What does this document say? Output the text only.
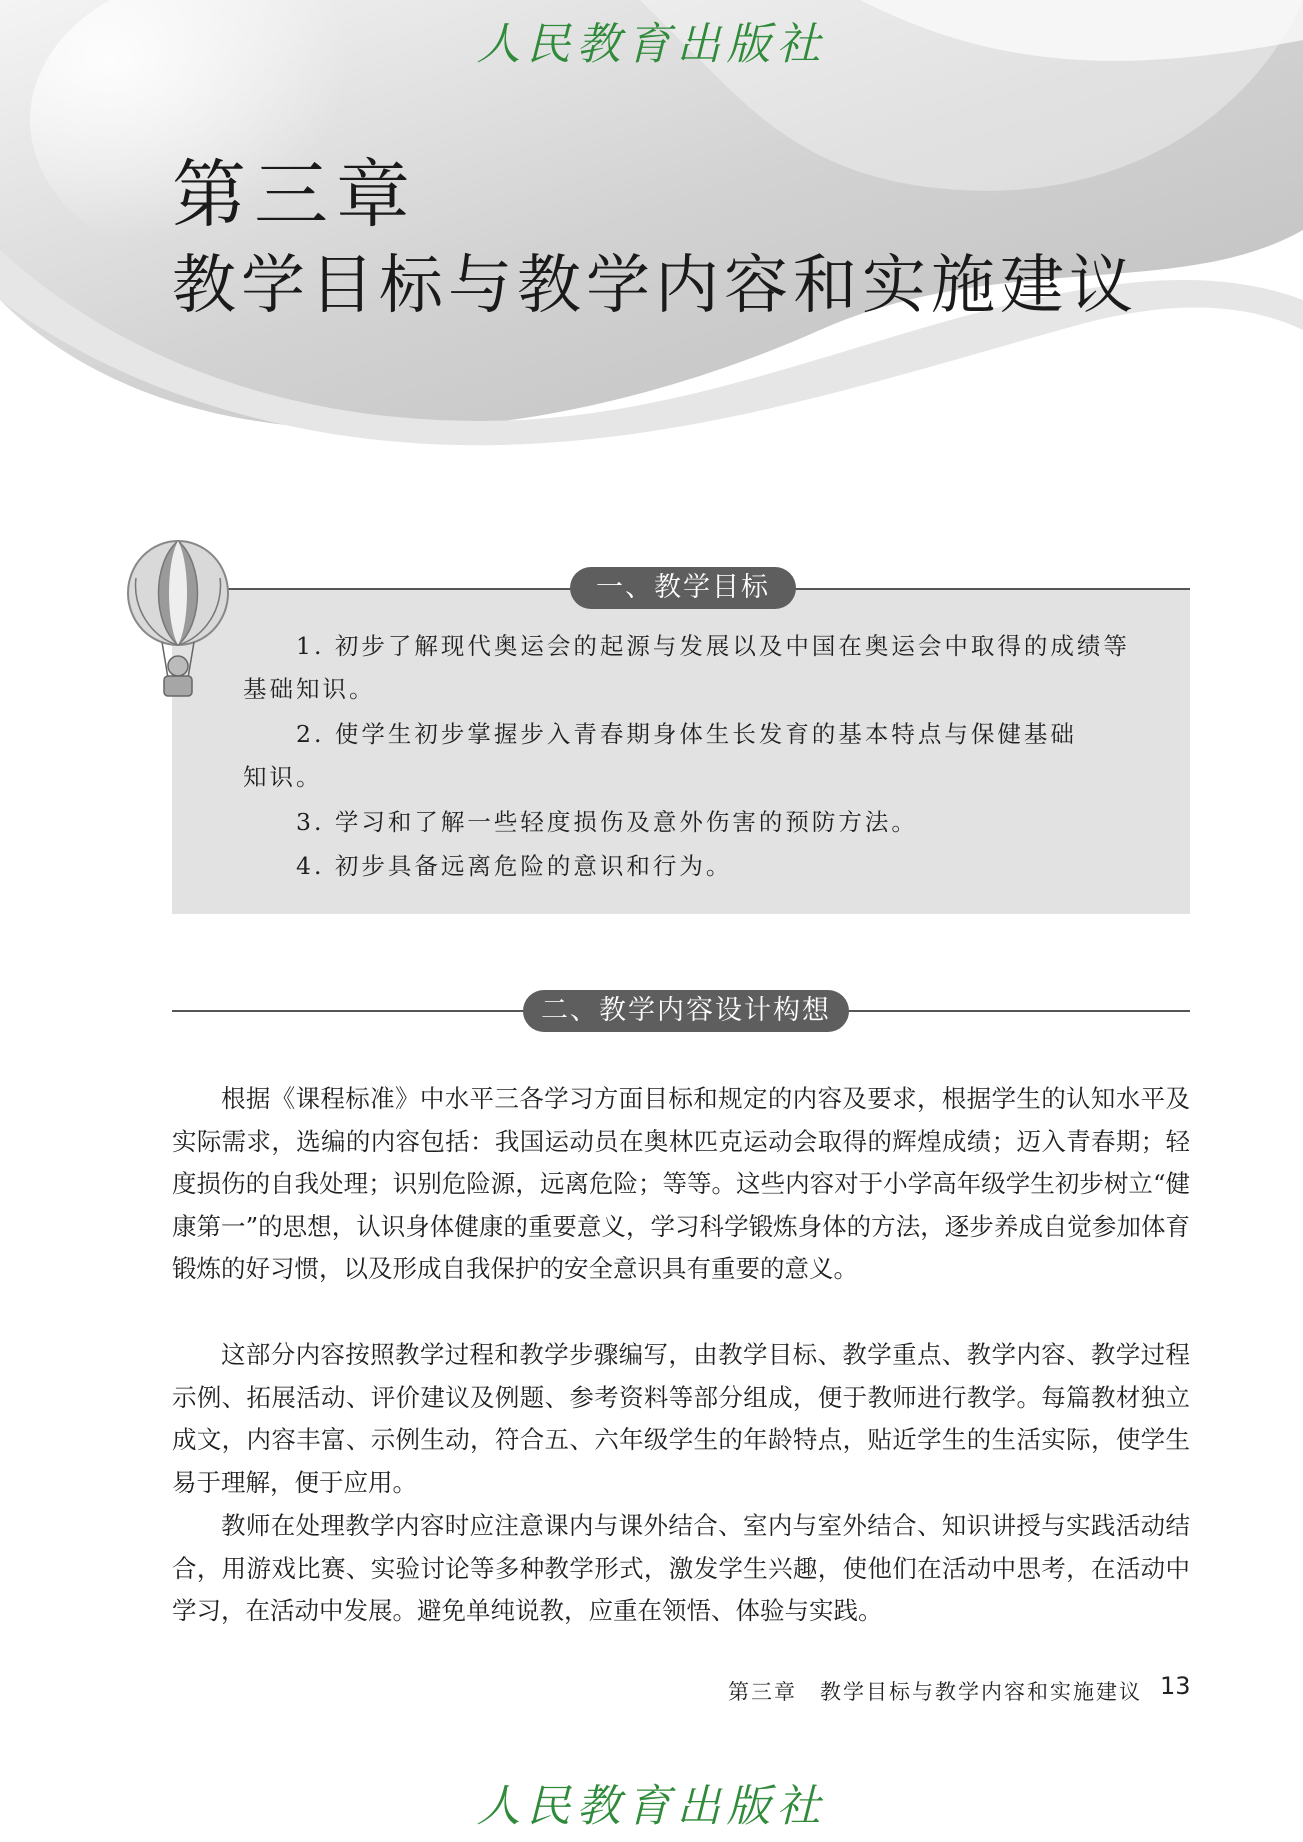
人民教育出版社
第三章
教学目标与教学内容和实施建议
一、教学目标
1. 初步了解现代奥运会的起源与发展以及中国在奥运会中取得的成绩等
基础知识。
2. 使学生初步掌握步入青春期身体生长发育的基本特点与保健基础
知识。
3. 学习和了解一些轻度损伤及意外伤害的预防方法。
4. 初步具备远离危险的意识和行为。
二、教学内容设计构想

根据《课程标准》中水平三各学习方面目标和规定的内容及要求，根据学生的认知水平及实际需求，选编的内容包括：我国运动员在奥林匹克运动会取得的辉煌成绩；迈入青春期；轻度损伤的自我处理；识别危险源，远离危险；等等。这些内容对于小学高年级学生初步树立“健康第一”的思想，认识身体健康的重要意义，学习科学锻炼身体的方法，逐步养成自觉参加体育锻炼的好习惯，以及形成自我保护的安全意识具有重要的意义。

这部分内容按照教学过程和教学步骤编写，由教学目标、教学重点、教学内容、教学过程示例、拓展活动、评价建议及例题、参考资料等部分组成，便于教师进行教学。每篇教材独立成文，内容丰富、示例生动，符合五、六年级学生的年龄特点，贴近学生的生活实际，使学生易于理解，便于应用。

教师在处理教学内容时应注意课内与课外结合、室内与室外结合、知识讲授与实践活动结合，用游戏比赛、实验讨论等多种教学形式，激发学生兴趣，使他们在活动中思考，在活动中学习，在活动中发展。避免单纯说教，应重在领悟、体验与实践。

第三章　教学目标与教学内容和实施建议 13
人民教育出版社
